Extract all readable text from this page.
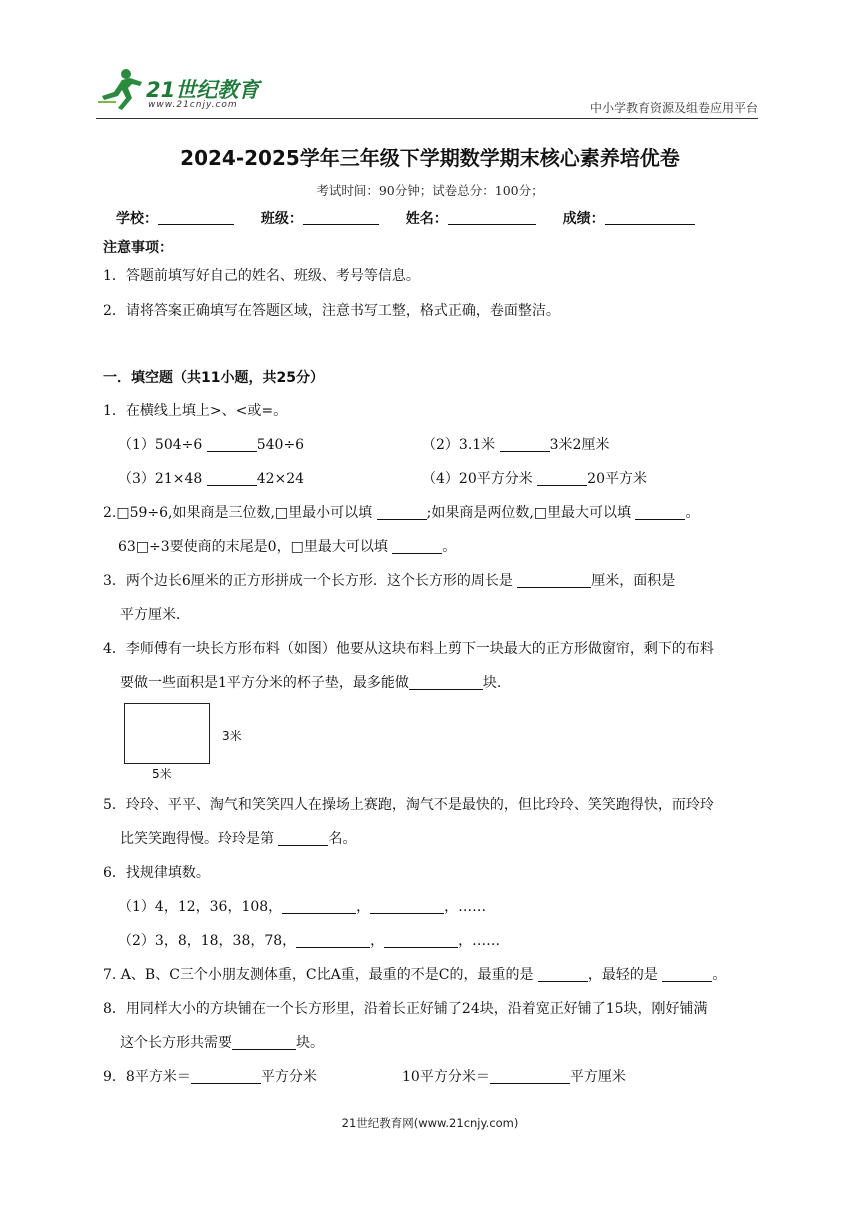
21世纪教育
www.21cnjy.com	中小学教育资源及组卷应用平台
2024-2025学年三年级下学期数学期末核心素养培优卷
考试时间：90分钟；试卷总分：100分；
学校：	班级：	姓名：	成绩：
注意事项：
1．答题前填写好自己的姓名、班级、考号等信息。
2．请将答案正确填写在答题区域，注意书写工整，格式正确，卷面整洁。
一．填空题（共11小题，共25分）
1．在横线上填上>、<或=。
（1）504÷6	540÷6	（2）3.1米	3米2厘米
（3）21×48	42×24	（4）20平方分米	20平方米
2.□59÷6,如果商是三位数,□里最小可以填	;如果商是两位数,□里最大可以填	。
63□÷3要使商的末尾是0，□里最大可以填	。
3．两个边长6厘米的正方形拼成一个长方形．这个长方形的周长是	厘米，面积是
平方厘米．
4．李师傅有一块长方形布料（如图）他要从这块布料上剪下一块最大的正方形做窗帘，剩下的布料
要做一些面积是1平方分米的杯子垫，最多能做	块.
3米
5米
5．玲玲、平平、淘气和笑笑四人在操场上赛跑，淘气不是最快的，但比玲玲、笑笑跑得快，而玲玲
比笑笑跑得慢。玲玲是第	名。
6．找规律填数。
（1）4，12，36，108，	，	，……
（2）3，8，18，38，78，	，	，……
7. A、B、C三个小朋友测体重，C比A重，最重的不是C的，最重的是	，最轻的是	。
8．用同样大小的方块铺在一个长方形里，沿着长正好铺了24块，沿着宽正好铺了15块，刚好铺满
这个长方形共需要	块。
9．8平方米＝	平方分米	10平方分米＝	平方厘米
21世纪教育网(www.21cnjy.com)
